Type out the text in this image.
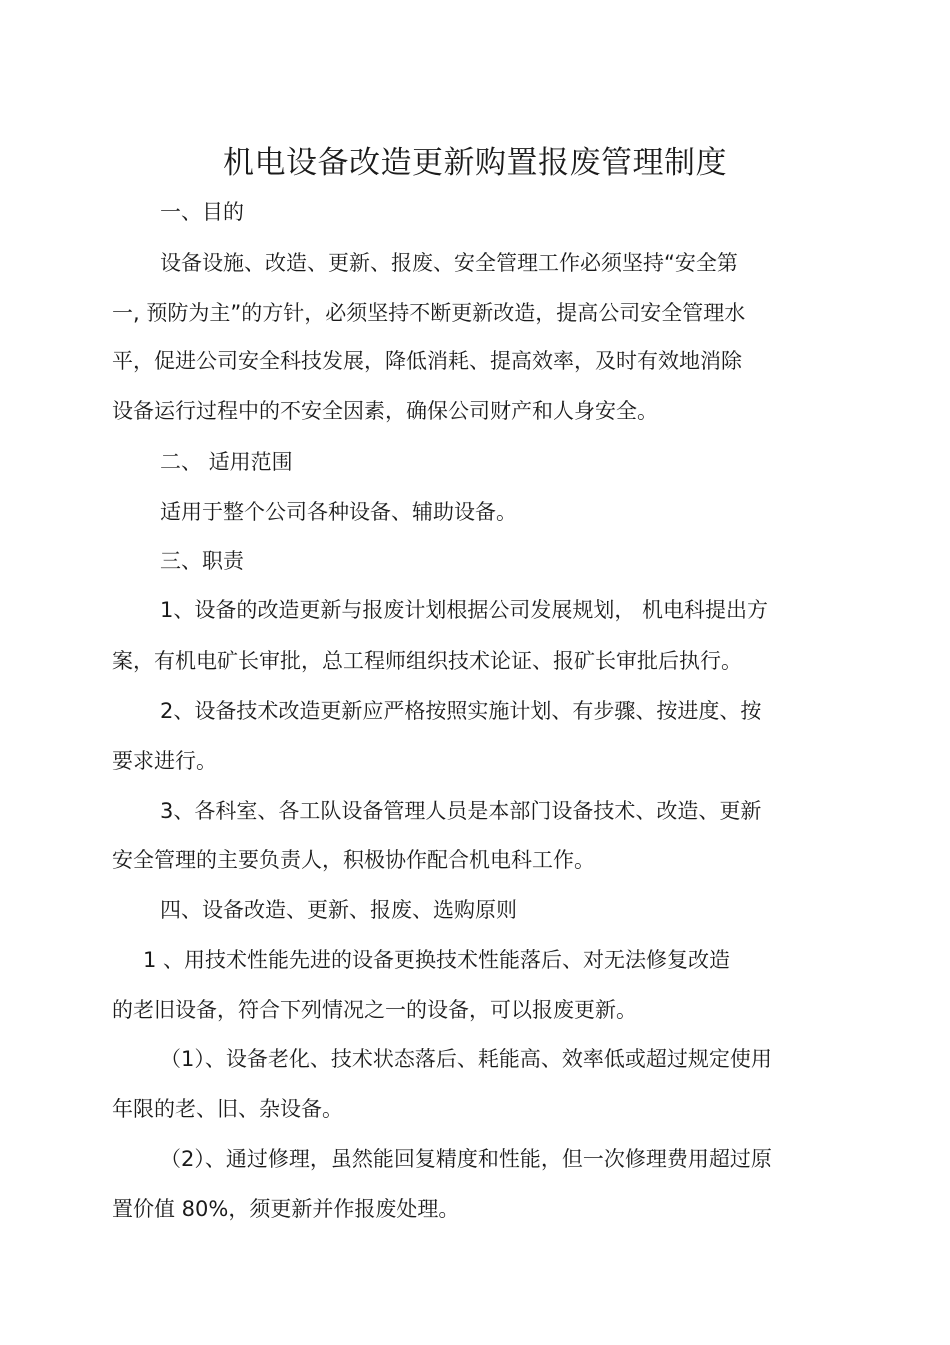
机电设备改造更新购置报废管理制度
一、目的
设备设施、改造、更新、报废、安全管理工作必须坚持“安全第
一, 预防为主”的方针，必须坚持不断更新改造，提高公司安全管理水
平，促进公司安全科技发展，降低消耗、提高效率，及时有效地消除
设备运行过程中的不安全因素，确保公司财产和人身安全。
二、 适用范围
适用于整个公司各种设备、辅助设备。
三、职责
1、设备的改造更新与报废计划根据公司发展规划， 机电科提出方
案，有机电矿长审批，总工程师组织技术论证、报矿长审批后执行。
2、设备技术改造更新应严格按照实施计划、有步骤、按进度、按
要求进行。
3、各科室、各工队设备管理人员是本部门设备技术、改造、更新
安全管理的主要负责人，积极协作配合机电科工作。
四、设备改造、更新、报废、选购原则
1 、用技术性能先进的设备更换技术性能落后、对无法修复改造
的老旧设备，符合下列情况之一的设备，可以报废更新。
（1）、设备老化、技术状态落后、耗能高、效率低或超过规定使用
年限的老、旧、杂设备。
（2）、通过修理，虽然能回复精度和性能，但一次修理费用超过原
置价值 80%，须更新并作报废处理。
